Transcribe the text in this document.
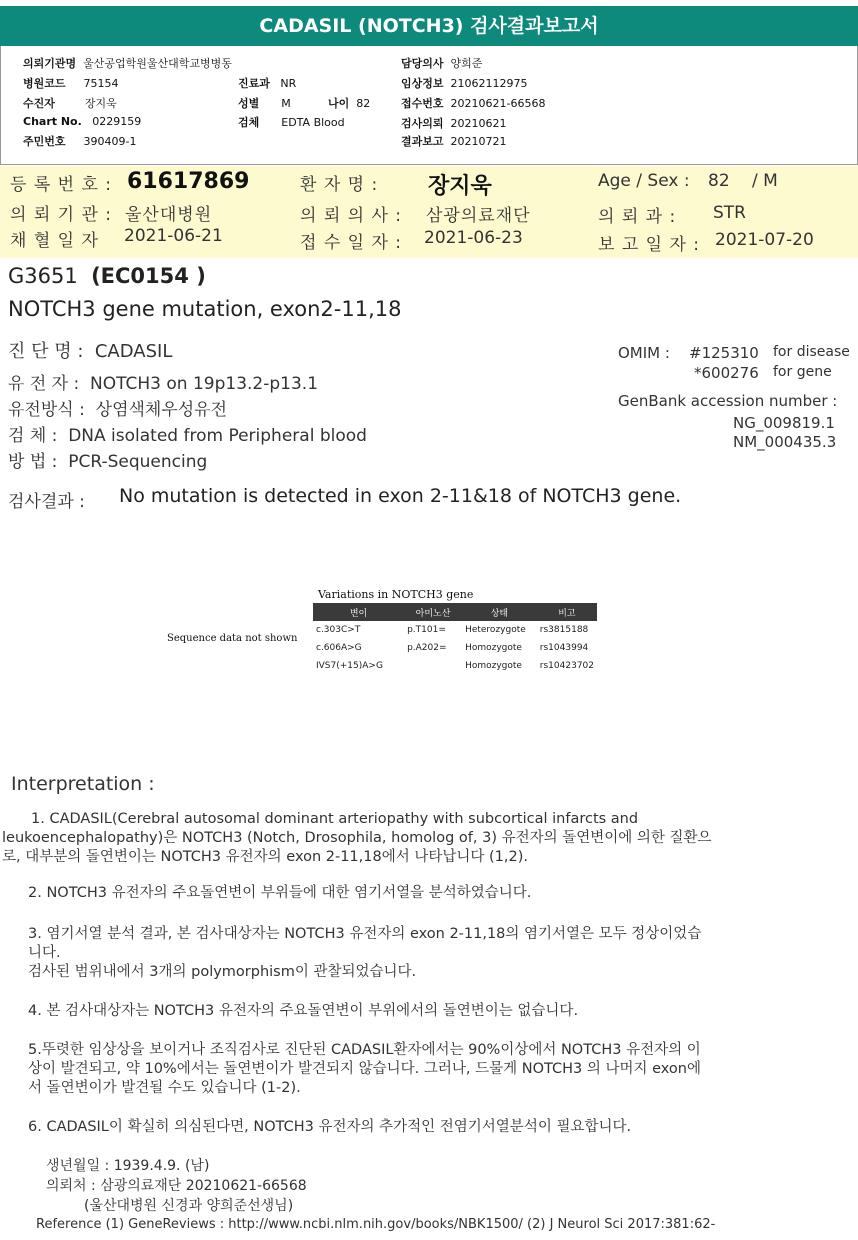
CADASIL (NOTCH3) 검사결과보고서
의뢰기관명 울산공업학원울산대학교병병동
병원코드 75154
수진자	장지욱
Chart No. 0229159
주민번호 390409-1
진료과 NR
성별 M	나이 82
검체 EDTA Blood
담당의사 양희준
임상정보 21062112975
접수번호 20210621-66568
검사의뢰 20210621
결과보고 20210721
등 록 번 호 : 61617869	환 자 명 : 장지욱	Age / Sex : 82 / M
의 뢰 기 관 : 울산대병원	의 뢰 의 사 : 삼광의료재단	의 뢰 과 : STR
채 혈 일 자 2021-06-21	접 수 일 자 : 2021-06-23	보 고 일 자 : 2021-07-20
G3651 (EC0154 )
NOTCH3 gene mutation, exon2-11,18
진 단 명 : CADASIL
유 전 자 : NOTCH3 on 19p13.2-p13.1
유전방식 : 상염색체우성유전
검 체 : DNA isolated from Peripheral blood
방 법 : PCR-Sequencing
OMIM : #125310 for disease
*600276 for gene
GenBank accession number :
NG_009819.1
NM_000435.3
검사결과 : No mutation is detected in exon 2-11&18 of NOTCH3 gene.
Variations in NOTCH3 gene
Sequence data not shown
변이	아미노산	상태	비고
c.303C>T	p.T101=	Heterozygote	rs3815188
c.606A>G	p.A202=	Homozygote	rs1043994
IVS7(+15)A>G		Homozygote	rs10423702
Interpretation :
1. CADASIL(Cerebral autosomal dominant arteriopathy with subcortical infarcts and
leukoencephalopathy)은 NOTCH3 (Notch, Drosophila, homolog of, 3) 유전자의 돌연변이에 의한 질환으
로, 대부분의 돌연변이는 NOTCH3 유전자의 exon 2-11,18에서 나타납니다 (1,2).
2. NOTCH3 유전자의 주요돌연변이 부위들에 대한 염기서열을 분석하였습니다.
3. 염기서열 분석 결과, 본 검사대상자는 NOTCH3 유전자의 exon 2-11,18의 염기서열은 모두 정상이었습
니다.
검사된 범위내에서 3개의 polymorphism이 관찰되었습니다.
4. 본 검사대상자는 NOTCH3 유전자의 주요돌연변이 부위에서의 돌연변이는 없습니다.
5.뚜렷한 임상상을 보이거나 조직검사로 진단된 CADASIL환자에서는 90%이상에서 NOTCH3 유전자의 이
상이 발견되고, 약 10%에서는 돌연변이가 발견되지 않습니다. 그러나, 드물게 NOTCH3 의 나머지 exon에
서 돌연변이가 발견될 수도 있습니다 (1-2).
6. CADASIL이 확실히 의심된다면, NOTCH3 유전자의 추가적인 전염기서열분석이 필요합니다.
생년월일 : 1939.4.9. (남)
의뢰처 : 삼광의료재단 20210621-66568
(울산대병원 신경과 양희준선생님)
Reference (1) GeneReviews : http://www.ncbi.nlm.nih.gov/books/NBK1500/ (2) J Neurol Sci 2017:381:62-
